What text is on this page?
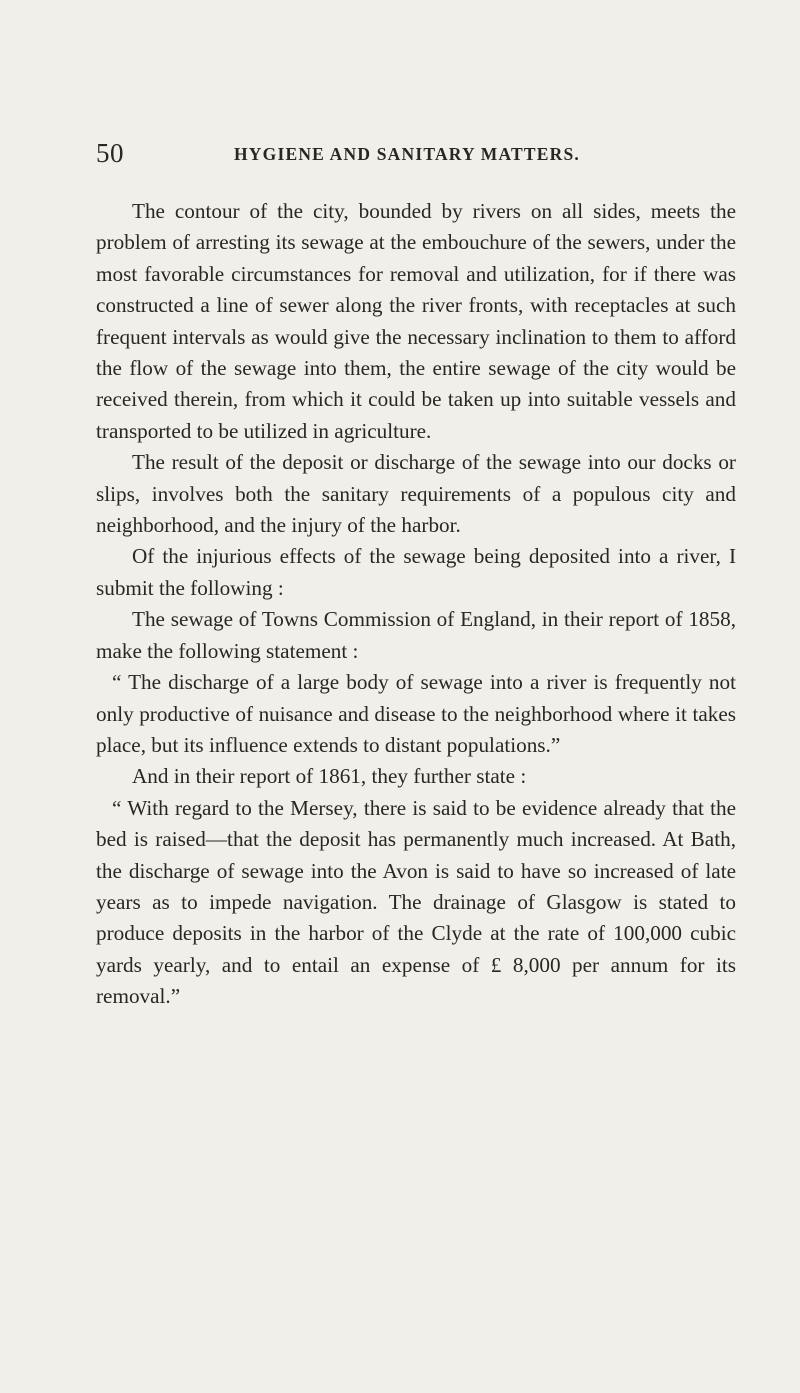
50	HYGIENE AND SANITARY MATTERS.

The contour of the city, bounded by rivers on all sides, meets the problem of arresting its sewage at the embouchure of the sewers, under the most favorable circumstances for removal and utilization, for if there was constructed a line of sewer along the river fronts, with receptacles at such frequent intervals as would give the necessary inclination to them to afford the flow of the sewage into them, the entire sewage of the city would be received therein, from which it could be taken up into suitable vessels and transported to be utilized in agriculture.

The result of the deposit or discharge of the sewage into our docks or slips, involves both the sanitary requirements of a populous city and neighborhood, and the injury of the harbor.

Of the injurious effects of the sewage being deposited into a river, I submit the following :

The sewage of Towns Commission of England, in their report of 1858, make the following statement :

“ The discharge of a large body of sewage into a river is frequently not only productive of nuisance and disease to the neighborhood where it takes place, but its influence extends to distant populations.”

And in their report of 1861, they further state :

“ With regard to the Mersey, there is said to be evidence already that the bed is raised—that the deposit has permanently much increased. At Bath, the discharge of sewage into the Avon is said to have so increased of late years as to impede navigation. The drainage of Glasgow is stated to produce deposits in the harbor of the Clyde at the rate of 100,000 cubic yards yearly, and to entail an expense of £ 8,000 per annum for its removal.”
